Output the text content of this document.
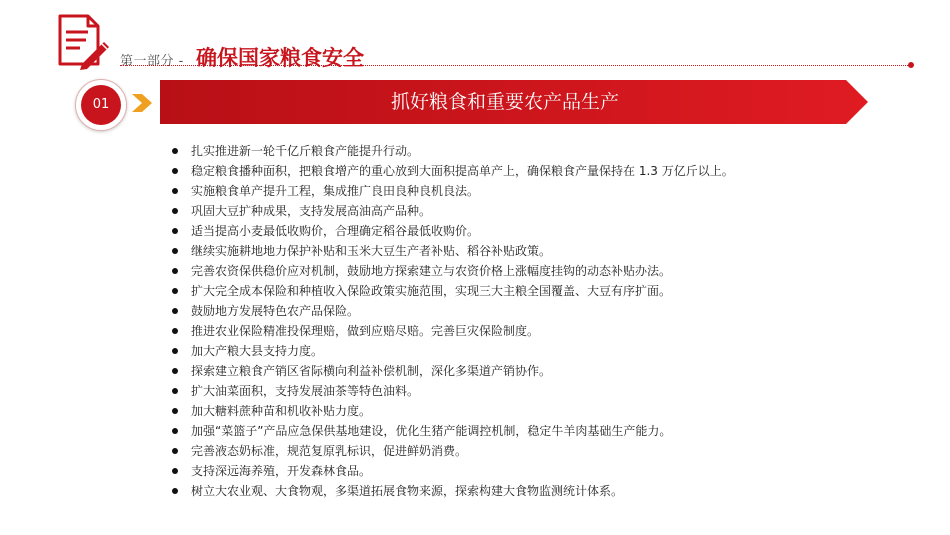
第一部分 - 确保国家粮食安全
01	抓好粮食和重要农产品生产
扎实推进新一轮千亿斤粮食产能提升行动。
稳定粮食播种面积，把粮食增产的重心放到大面积提高单产上，确保粮食产量保持在 1.3 万亿斤以上。
实施粮食单产提升工程，集成推广良田良种良机良法。
巩固大豆扩种成果，支持发展高油高产品种。
适当提高小麦最低收购价，合理确定稻谷最低收购价。
继续实施耕地地力保护补贴和玉米大豆生产者补贴、稻谷补贴政策。
完善农资保供稳价应对机制，鼓励地方探索建立与农资价格上涨幅度挂钩的动态补贴办法。
扩大完全成本保险和种植收入保险政策实施范围，实现三大主粮全国覆盖、大豆有序扩面。
鼓励地方发展特色农产品保险。
推进农业保险精准投保理赔，做到应赔尽赔。完善巨灾保险制度。
加大产粮大县支持力度。
探索建立粮食产销区省际横向利益补偿机制，深化多渠道产销协作。
扩大油菜面积，支持发展油茶等特色油料。
加大糖料蔗种苗和机收补贴力度。
加强“菜篮子”产品应急保供基地建设，优化生猪产能调控机制，稳定牛羊肉基础生产能力。
完善液态奶标准，规范复原乳标识，促进鲜奶消费。
支持深远海养殖，开发森林食品。
树立大农业观、大食物观，多渠道拓展食物来源，探索构建大食物监测统计体系。
